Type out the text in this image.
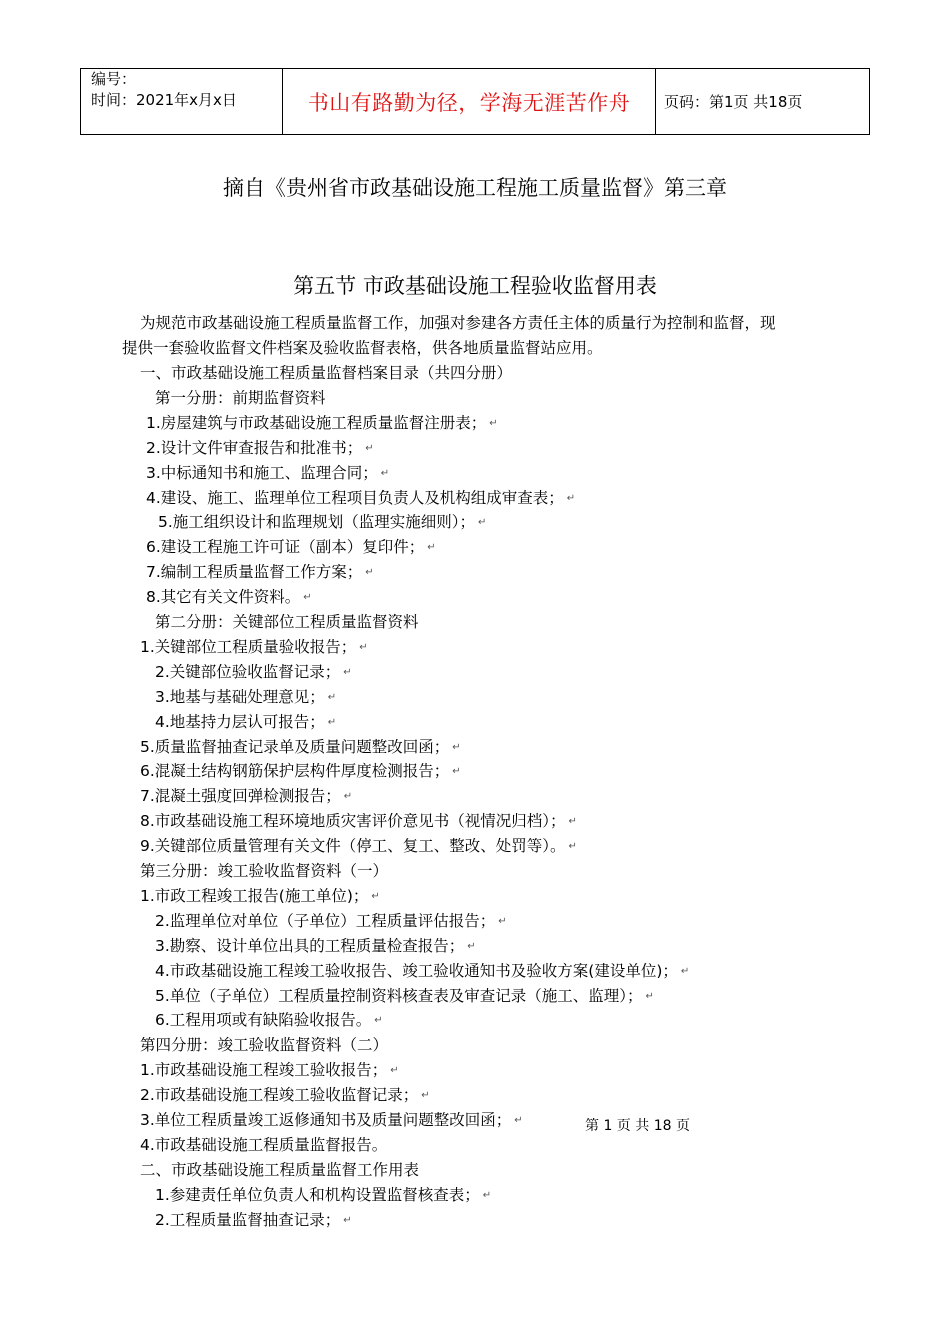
编号：
时间：2021年x月x日	书山有路勤为径，学海无涯苦作舟	页码：第1页 共18页
摘自《贵州省市政基础设施工程施工质量监督》第三章
第五节 市政基础设施工程验收监督用表
为规范市政基础设施工程质量监督工作，加强对参建各方责任主体的质量行为控制和监督，现
提供一套验收监督文件档案及验收监督表格，供各地质量监督站应用。
一、市政基础设施工程质量监督档案目录（共四分册）
第一分册：前期监督资料
1.房屋建筑与市政基础设施工程质量监督注册表； ↵
2.设计文件审查报告和批准书； ↵
3.中标通知书和施工、监理合同； ↵
4.建设、施工、监理单位工程项目负责人及机构组成审查表； ↵
5.施工组织设计和监理规划（监理实施细则）； ↵
6.建设工程施工许可证（副本）复印件； ↵
7.编制工程质量监督工作方案； ↵
8.其它有关文件资料。 ↵
第二分册：关键部位工程质量监督资料
1.关键部位工程质量验收报告； ↵
2.关键部位验收监督记录； ↵
3.地基与基础处理意见； ↵
4.地基持力层认可报告； ↵
5.质量监督抽查记录单及质量问题整改回函； ↵
6.混凝土结构钢筋保护层构件厚度检测报告； ↵
7.混凝土强度回弹检测报告； ↵
8.市政基础设施工程环境地质灾害评价意见书（视情况归档）； ↵
9.关键部位质量管理有关文件（停工、复工、整改、处罚等）。 ↵
第三分册：竣工验收监督资料（一）
1.市政工程竣工报告(施工单位)； ↵
2.监理单位对单位（子单位）工程质量评估报告； ↵
3.勘察、设计单位出具的工程质量检查报告； ↵
4.市政基础设施工程竣工验收报告、竣工验收通知书及验收方案(建设单位)； ↵
5.单位（子单位）工程质量控制资料核查表及审查记录（施工、监理）； ↵
6.工程用项或有缺陷验收报告。 ↵
第四分册：竣工验收监督资料（二）
1.市政基础设施工程竣工验收报告； ↵
2.市政基础设施工程竣工验收监督记录； ↵
3.单位工程质量竣工返修通知书及质量问题整改回函； ↵
4.市政基础设施工程质量监督报告。
二、市政基础设施工程质量监督工作用表
1.参建责任单位负责人和机构设置监督核查表； ↵
2.工程质量监督抽查记录； ↵
第 1 页 共 18 页
